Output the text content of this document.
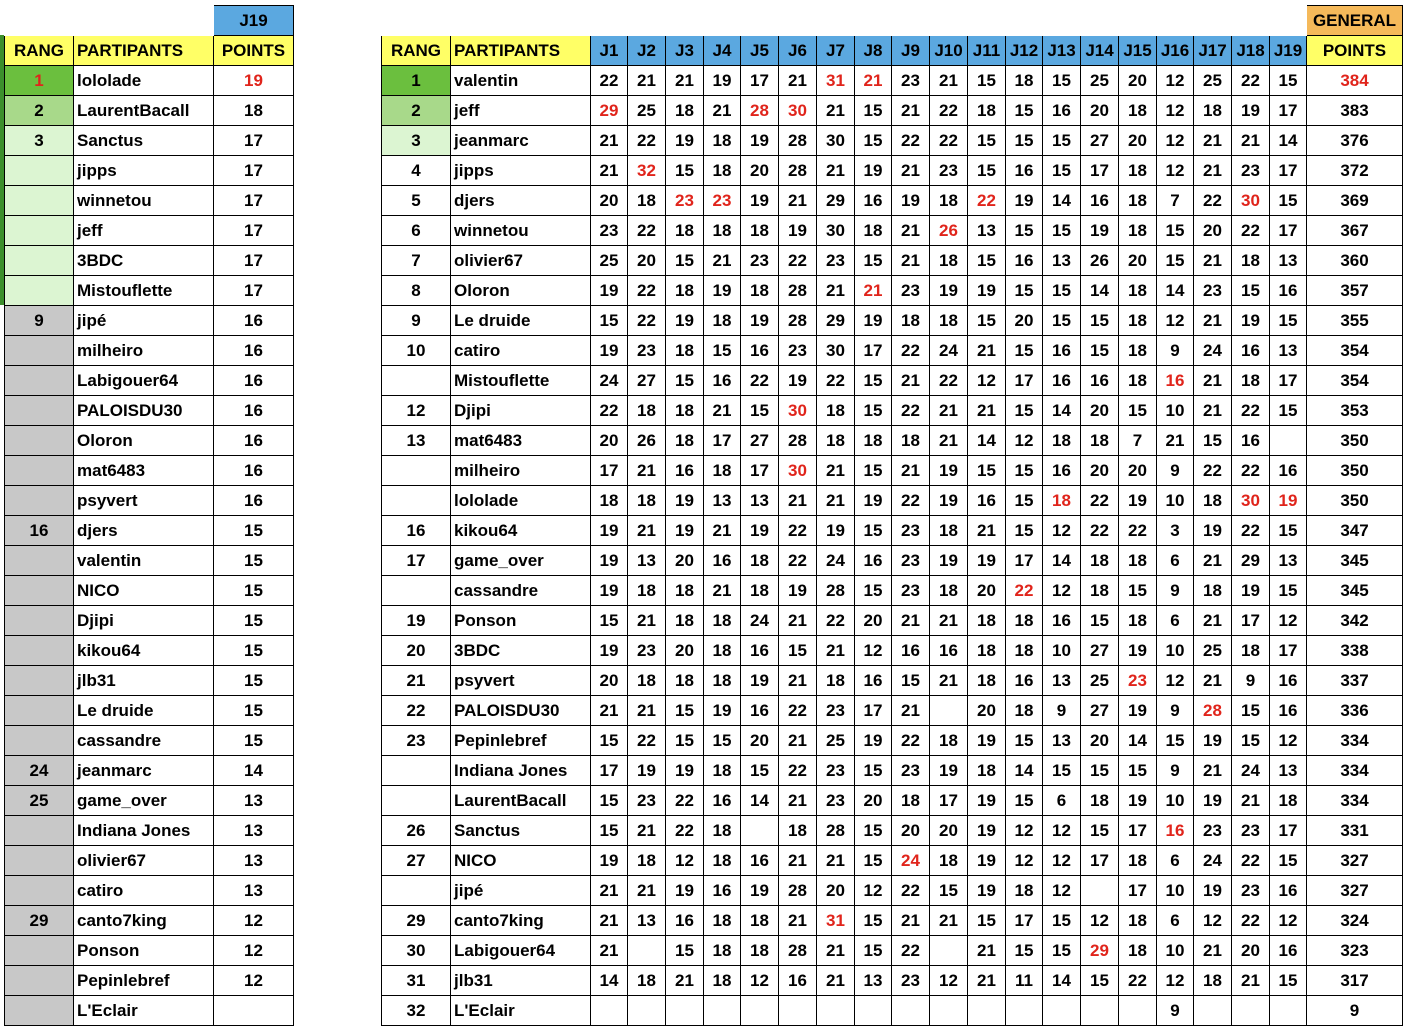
		J19
RANG	PARTIPANTS	POINTS
1	lololade	19
2	LaurentBacall	18
3	Sanctus	17
	jipps	17
	winnetou	17
	jeff	17
	3BDC	17
	Mistouflette	17
9	jipé	16
	milheiro	16
	Labigouer64	16
	PALOISDU30	16
	Oloron	16
	mat6483	16
	psyvert	16
16	djers	15
	valentin	15
	NICO	15
	Djipi	15
	kikou64	15
	jlb31	15
	Le druide	15
	cassandre	15
24	jeanmarc	14
25	game_over	13
	Indiana Jones	13
	olivier67	13
	catiro	13
29	canto7king	12
	Ponson	12
	Pepinlebref	12
	L'Eclair	
																					GENERAL
RANG	PARTIPANTS	J1	J2	J3	J4	J5	J6	J7	J8	J9	J10	J11	J12	J13	J14	J15	J16	J17	J18	J19	POINTS
1	valentin	22	21	21	19	17	21	31	21	23	21	15	18	15	25	20	12	25	22	15	384
2	jeff	29	25	18	21	28	30	21	15	21	22	18	15	16	20	18	12	18	19	17	383
3	jeanmarc	21	22	19	18	19	28	30	15	22	22	15	15	15	27	20	12	21	21	14	376
4	jipps	21	32	15	18	20	28	21	19	21	23	15	16	15	17	18	12	21	23	17	372
5	djers	20	18	23	23	19	21	29	16	19	18	22	19	14	16	18	7	22	30	15	369
6	winnetou	23	22	18	18	18	19	30	18	21	26	13	15	15	19	18	15	20	22	17	367
7	olivier67	25	20	15	21	23	22	23	15	21	18	15	16	13	26	20	15	21	18	13	360
8	Oloron	19	22	18	19	18	28	21	21	23	19	19	15	15	14	18	14	23	15	16	357
9	Le druide	15	22	19	18	19	28	29	19	18	18	15	20	15	15	18	12	21	19	15	355
10	catiro	19	23	18	15	16	23	30	17	22	24	21	15	16	15	18	9	24	16	13	354
	Mistouflette	24	27	15	16	22	19	22	15	21	22	12	17	16	16	18	16	21	18	17	354
12	Djipi	22	18	18	21	15	30	18	15	22	21	21	15	14	20	15	10	21	22	15	353
13	mat6483	20	26	18	17	27	28	18	18	18	21	14	12	18	18	7	21	15	16		350
	milheiro	17	21	16	18	17	30	21	15	21	19	15	15	16	20	20	9	22	22	16	350
	lololade	18	18	19	13	13	21	21	19	22	19	16	15	18	22	19	10	18	30	19	350
16	kikou64	19	21	19	21	19	22	19	15	23	18	21	15	12	22	22	3	19	22	15	347
17	game_over	19	13	20	16	18	22	24	16	23	19	19	17	14	18	18	6	21	29	13	345
	cassandre	19	18	18	21	18	19	28	15	23	18	20	22	12	18	15	9	18	19	15	345
19	Ponson	15	21	18	18	24	21	22	20	21	21	18	18	16	15	18	6	21	17	12	342
20	3BDC	19	23	20	18	16	15	21	12	16	16	18	18	10	27	19	10	25	18	17	338
21	psyvert	20	18	18	18	19	21	18	16	15	21	18	16	13	25	23	12	21	9	16	337
22	PALOISDU30	21	21	15	19	16	22	23	17	21		20	18	9	27	19	9	28	15	16	336
23	Pepinlebref	15	22	15	15	20	21	25	19	22	18	19	15	13	20	14	15	19	15	12	334
	Indiana Jones	17	19	19	18	15	22	23	15	23	19	18	14	15	15	15	9	21	24	13	334
	LaurentBacall	15	23	22	16	14	21	23	20	18	17	19	15	6	18	19	10	19	21	18	334
26	Sanctus	15	21	22	18		18	28	15	20	20	19	12	12	15	17	16	23	23	17	331
27	NICO	19	18	12	18	16	21	21	15	24	18	19	12	12	17	18	6	24	22	15	327
	jipé	21	21	19	16	19	28	20	12	22	15	19	18	12		17	10	19	23	16	327
29	canto7king	21	13	16	18	18	21	31	15	21	21	15	17	15	12	18	6	12	22	12	324
30	Labigouer64	21		15	18	18	28	21	15	22		21	15	15	29	18	10	21	20	16	323
31	jlb31	14	18	21	18	12	16	21	13	23	12	21	11	14	15	22	12	18	21	15	317
32	L'Eclair																9				9
